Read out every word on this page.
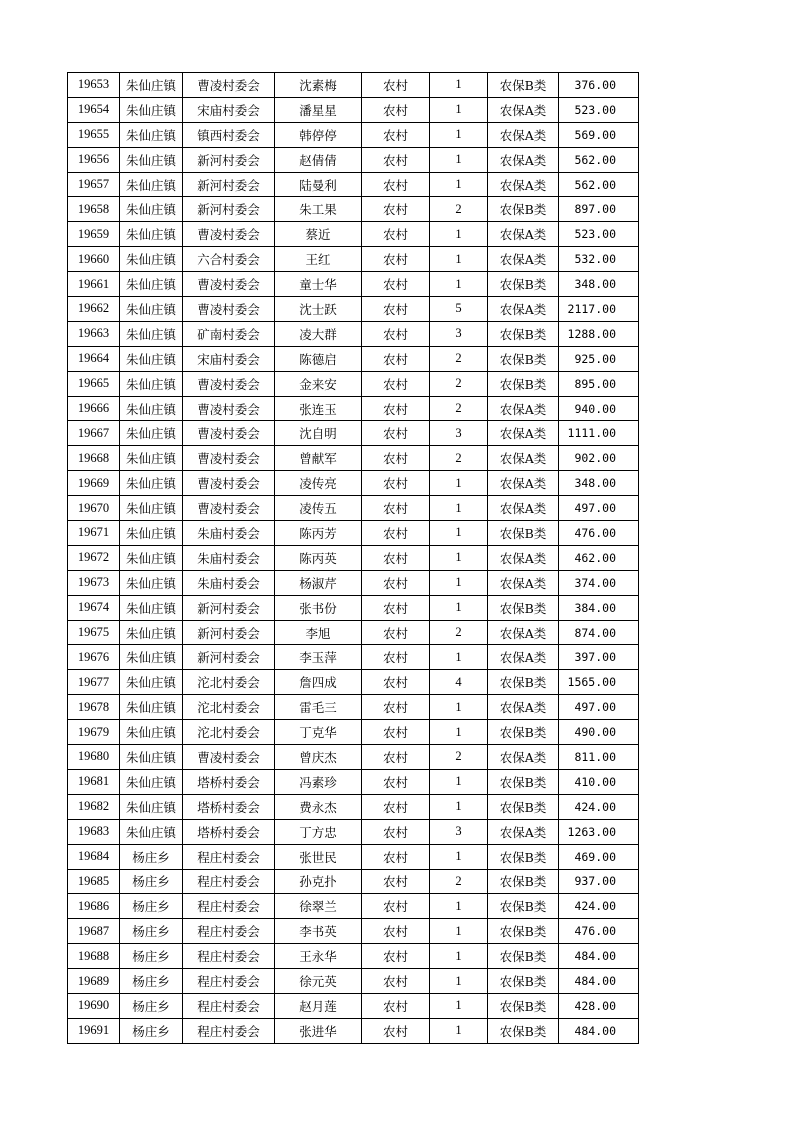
19653	朱仙庄镇	曹凌村委会	沈素梅	农村	1	农保B类	376.00
19654	朱仙庄镇	宋庙村委会	潘星星	农村	1	农保A类	523.00
19655	朱仙庄镇	镇西村委会	韩停停	农村	1	农保A类	569.00
19656	朱仙庄镇	新河村委会	赵倩倩	农村	1	农保A类	562.00
19657	朱仙庄镇	新河村委会	陆曼利	农村	1	农保A类	562.00
19658	朱仙庄镇	新河村委会	朱工果	农村	2	农保B类	897.00
19659	朱仙庄镇	曹凌村委会	蔡近	农村	1	农保A类	523.00
19660	朱仙庄镇	六合村委会	王红	农村	1	农保A类	532.00
19661	朱仙庄镇	曹凌村委会	童士华	农村	1	农保B类	348.00
19662	朱仙庄镇	曹凌村委会	沈士跃	农村	5	农保A类	2117.00
19663	朱仙庄镇	矿南村委会	凌大群	农村	3	农保B类	1288.00
19664	朱仙庄镇	宋庙村委会	陈德启	农村	2	农保B类	925.00
19665	朱仙庄镇	曹凌村委会	金来安	农村	2	农保B类	895.00
19666	朱仙庄镇	曹凌村委会	张连玉	农村	2	农保A类	940.00
19667	朱仙庄镇	曹凌村委会	沈自明	农村	3	农保A类	1111.00
19668	朱仙庄镇	曹凌村委会	曾献军	农村	2	农保A类	902.00
19669	朱仙庄镇	曹凌村委会	凌传亮	农村	1	农保A类	348.00
19670	朱仙庄镇	曹凌村委会	凌传五	农村	1	农保A类	497.00
19671	朱仙庄镇	朱庙村委会	陈丙芳	农村	1	农保B类	476.00
19672	朱仙庄镇	朱庙村委会	陈丙英	农村	1	农保A类	462.00
19673	朱仙庄镇	朱庙村委会	杨淑芹	农村	1	农保A类	374.00
19674	朱仙庄镇	新河村委会	张书份	农村	1	农保B类	384.00
19675	朱仙庄镇	新河村委会	李旭	农村	2	农保A类	874.00
19676	朱仙庄镇	新河村委会	李玉萍	农村	1	农保A类	397.00
19677	朱仙庄镇	沱北村委会	詹四成	农村	4	农保B类	1565.00
19678	朱仙庄镇	沱北村委会	雷毛三	农村	1	农保A类	497.00
19679	朱仙庄镇	沱北村委会	丁克华	农村	1	农保B类	490.00
19680	朱仙庄镇	曹凌村委会	曾庆杰	农村	2	农保A类	811.00
19681	朱仙庄镇	塔桥村委会	冯素珍	农村	1	农保B类	410.00
19682	朱仙庄镇	塔桥村委会	费永杰	农村	1	农保B类	424.00
19683	朱仙庄镇	塔桥村委会	丁方忠	农村	3	农保A类	1263.00
19684	杨庄乡	程庄村委会	张世民	农村	1	农保B类	469.00
19685	杨庄乡	程庄村委会	孙克扑	农村	2	农保B类	937.00
19686	杨庄乡	程庄村委会	徐翠兰	农村	1	农保B类	424.00
19687	杨庄乡	程庄村委会	李书英	农村	1	农保B类	476.00
19688	杨庄乡	程庄村委会	王永华	农村	1	农保B类	484.00
19689	杨庄乡	程庄村委会	徐元英	农村	1	农保B类	484.00
19690	杨庄乡	程庄村委会	赵月莲	农村	1	农保B类	428.00
19691	杨庄乡	程庄村委会	张进华	农村	1	农保B类	484.00
